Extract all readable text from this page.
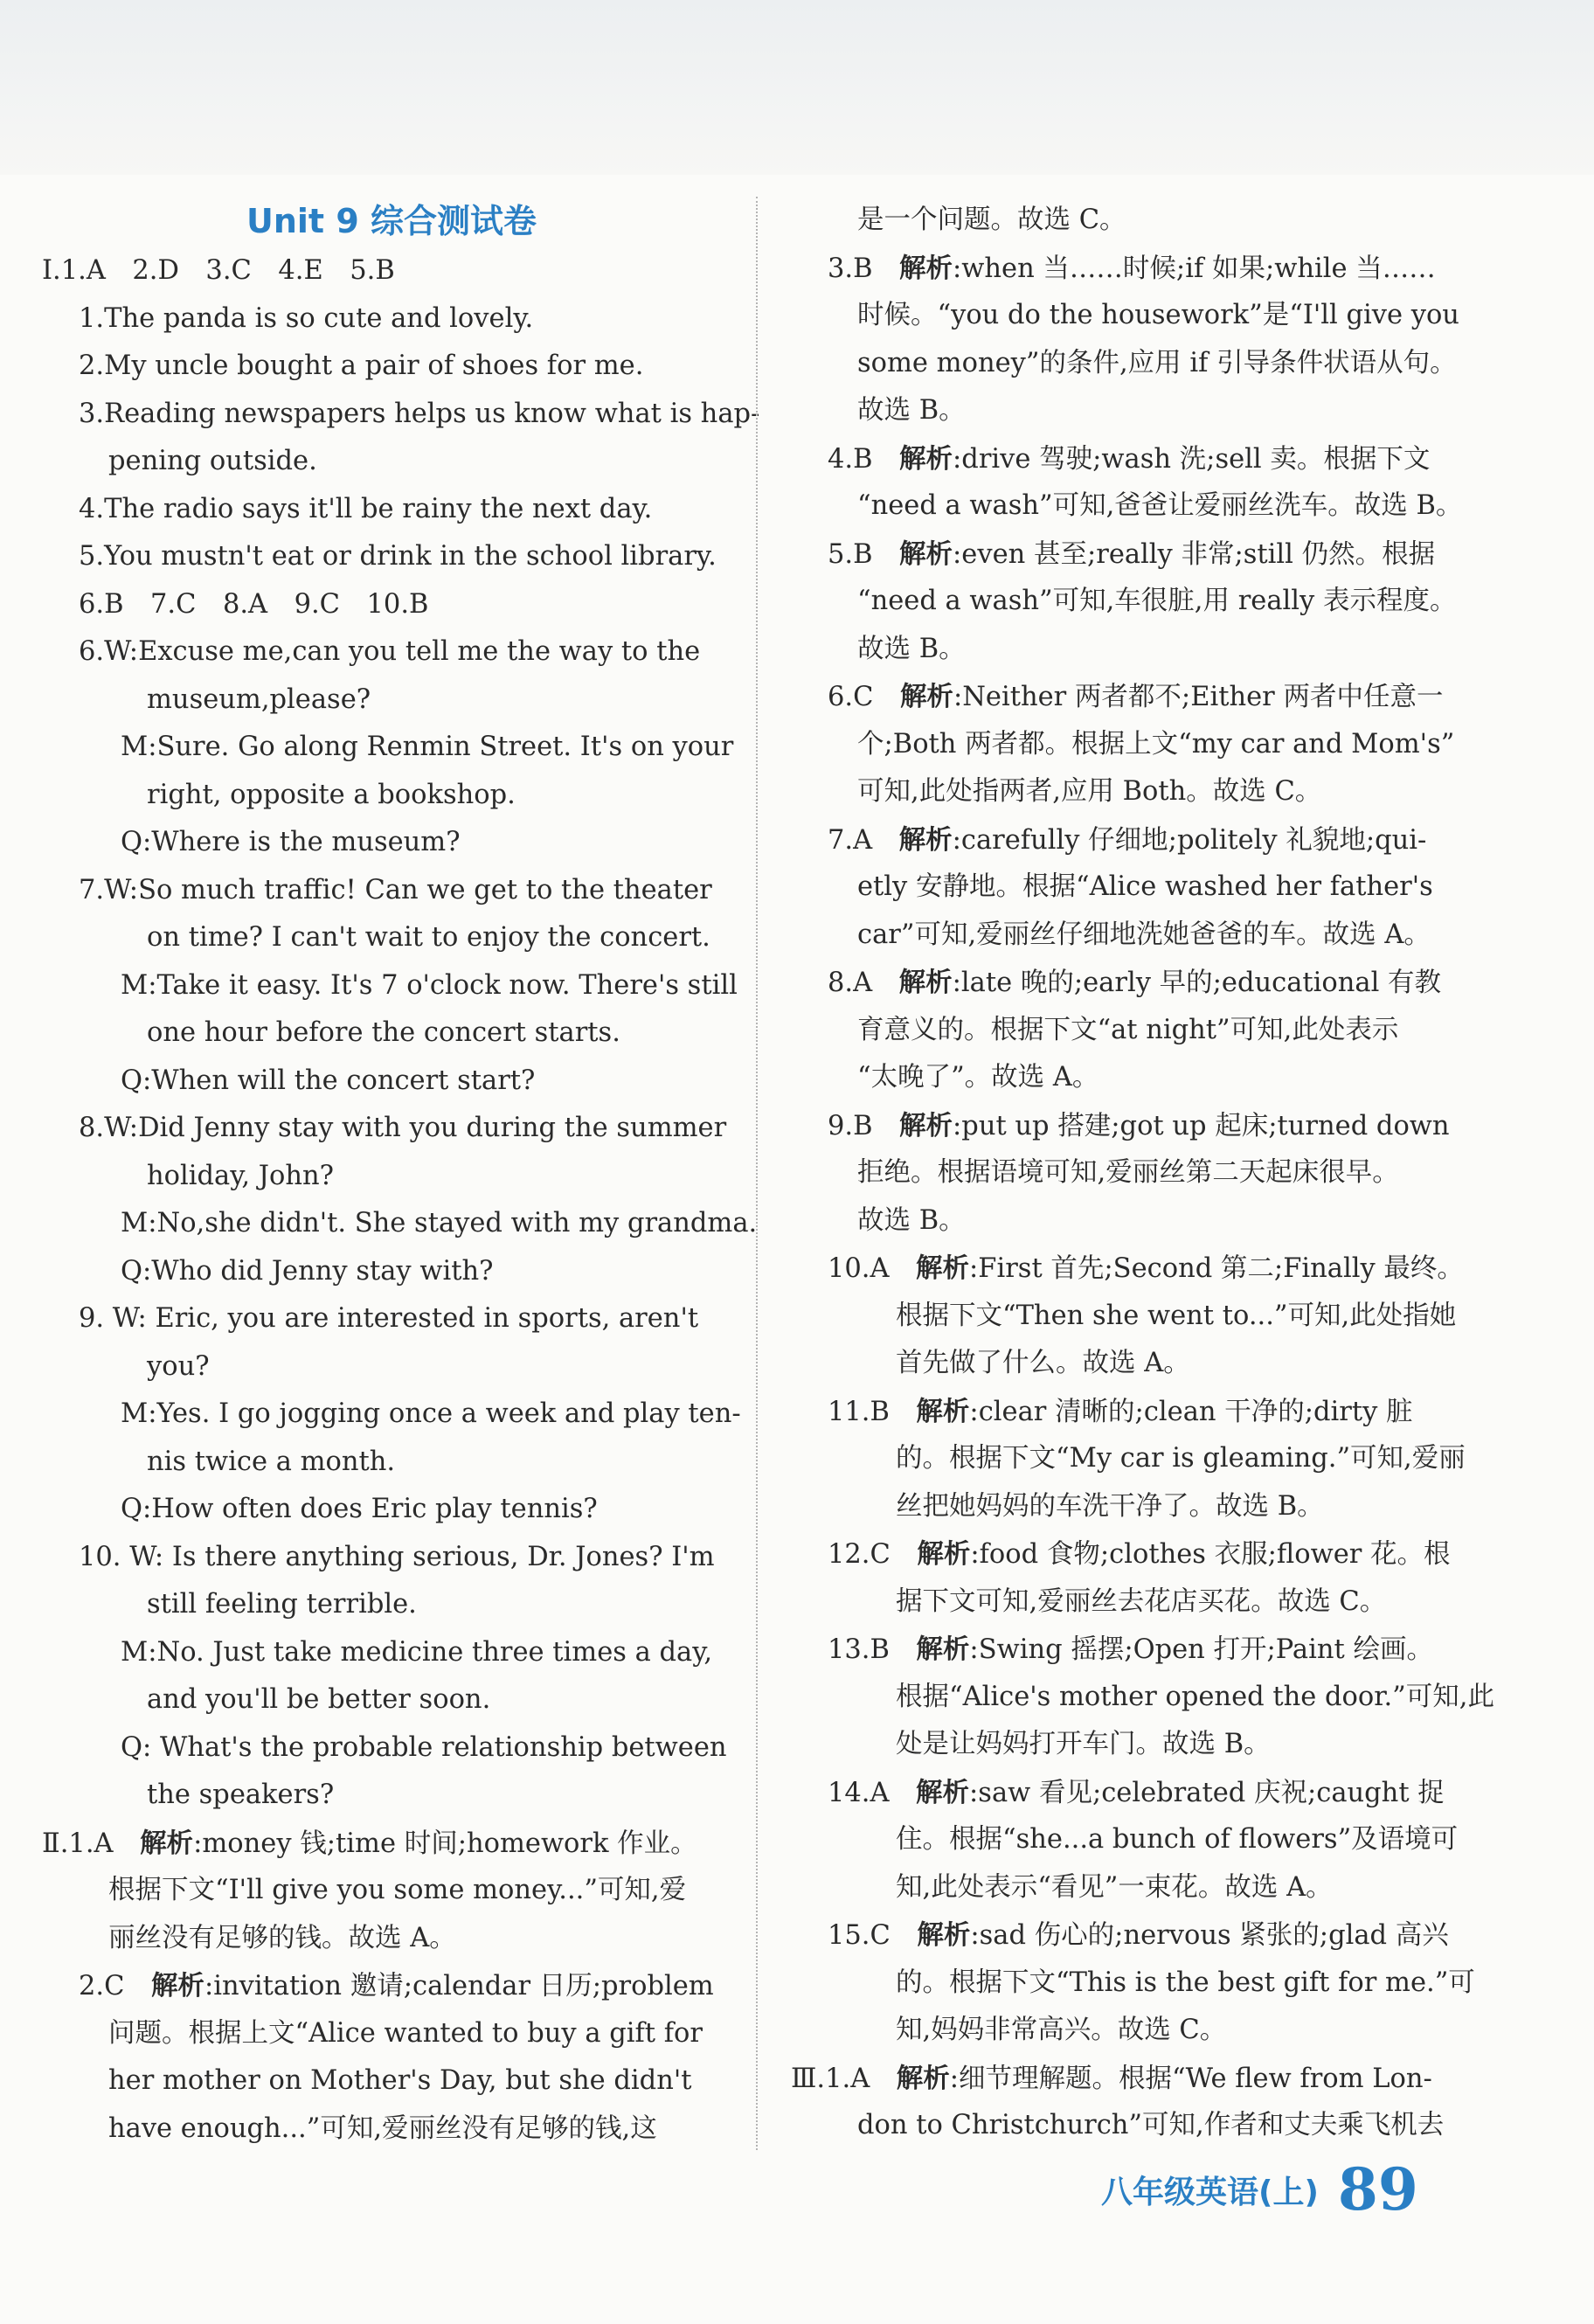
Unit 9 综合测试卷
Ⅰ.1.A　2.D　3.C　4.E　5.B
1.The panda is so cute and lovely.
2.My uncle bought a pair of shoes for me.
3.Reading newspapers helps us know what is hap-
pening outside.
4.The radio says it'll be rainy the next day.
5.You mustn't eat or drink in the school library.
6.B　7.C　8.A　9.C　10.B
6.W:Excuse me,can you tell me the way to the
museum,please?
M:Sure. Go along Renmin Street. It's on your
right, opposite a bookshop.
Q:Where is the museum?
7.W:So much traffic! Can we get to the theater
on time? I can't wait to enjoy the concert.
M:Take it easy. It's 7 o'clock now. There's still
one hour before the concert starts.
Q:When will the concert start?
8.W:Did Jenny stay with you during the summer
holiday, John?
M:No,she didn't. She stayed with my grandma.
Q:Who did Jenny stay with?
9. W: Eric, you are interested in sports, aren't
you?
M:Yes. I go jogging once a week and play ten-
nis twice a month.
Q:How often does Eric play tennis?
10. W: Is there anything serious, Dr. Jones? I'm
still feeling terrible.
M:No. Just take medicine three times a day,
and you'll be better soon.
Q: What's the probable relationship between
the speakers?
Ⅱ.1.A　解析:money 钱;time 时间;homework 作业。
根据下文“I'll give you some money...”可知,爱
丽丝没有足够的钱。故选 A。
2.C　解析:invitation 邀请;calendar 日历;problem
问题。根据上文“Alice wanted to buy a gift for
her mother on Mother's Day, but she didn't
have enough...”可知,爱丽丝没有足够的钱,这
是一个问题。故选 C。
3.B　解析:when 当……时候;if 如果;while 当……
时候。“you do the housework”是“I'll give you
some money”的条件,应用 if 引导条件状语从句。
故选 B。
4.B　解析:drive 驾驶;wash 洗;sell 卖。根据下文
“need a wash”可知,爸爸让爱丽丝洗车。故选 B。
5.B　解析:even 甚至;really 非常;still 仍然。根据
“need a wash”可知,车很脏,用 really 表示程度。
故选 B。
6.C　解析:Neither 两者都不;Either 两者中任意一
个;Both 两者都。根据上文“my car and Mom's”
可知,此处指两者,应用 Both。故选 C。
7.A　解析:carefully 仔细地;politely 礼貌地;qui-
etly 安静地。根据“Alice washed her father's
car”可知,爱丽丝仔细地洗她爸爸的车。故选 A。
8.A　解析:late 晚的;early 早的;educational 有教
育意义的。根据下文“at night”可知,此处表示
“太晚了”。故选 A。
9.B　解析:put up 搭建;got up 起床;turned down
拒绝。根据语境可知,爱丽丝第二天起床很早。
故选 B。
10.A　解析:First 首先;Second 第二;Finally 最终。
根据下文“Then she went to...”可知,此处指她
首先做了什么。故选 A。
11.B　解析:clear 清晰的;clean 干净的;dirty 脏
的。根据下文“My car is gleaming.”可知,爱丽
丝把她妈妈的车洗干净了。故选 B。
12.C　解析:food 食物;clothes 衣服;flower 花。根
据下文可知,爱丽丝去花店买花。故选 C。
13.B　解析:Swing 摇摆;Open 打开;Paint 绘画。
根据“Alice's mother opened the door.”可知,此
处是让妈妈打开车门。故选 B。
14.A　解析:saw 看见;celebrated 庆祝;caught 捉
住。根据“she...a bunch of flowers”及语境可
知,此处表示“看见”一束花。故选 A。
15.C　解析:sad 伤心的;nervous 紧张的;glad 高兴
的。根据下文“This is the best gift for me.”可
知,妈妈非常高兴。故选 C。
Ⅲ.1.A　解析:细节理解题。根据“We flew from Lon-
don to Christchurch”可知,作者和丈夫乘飞机去
八年级英语(上) 89
